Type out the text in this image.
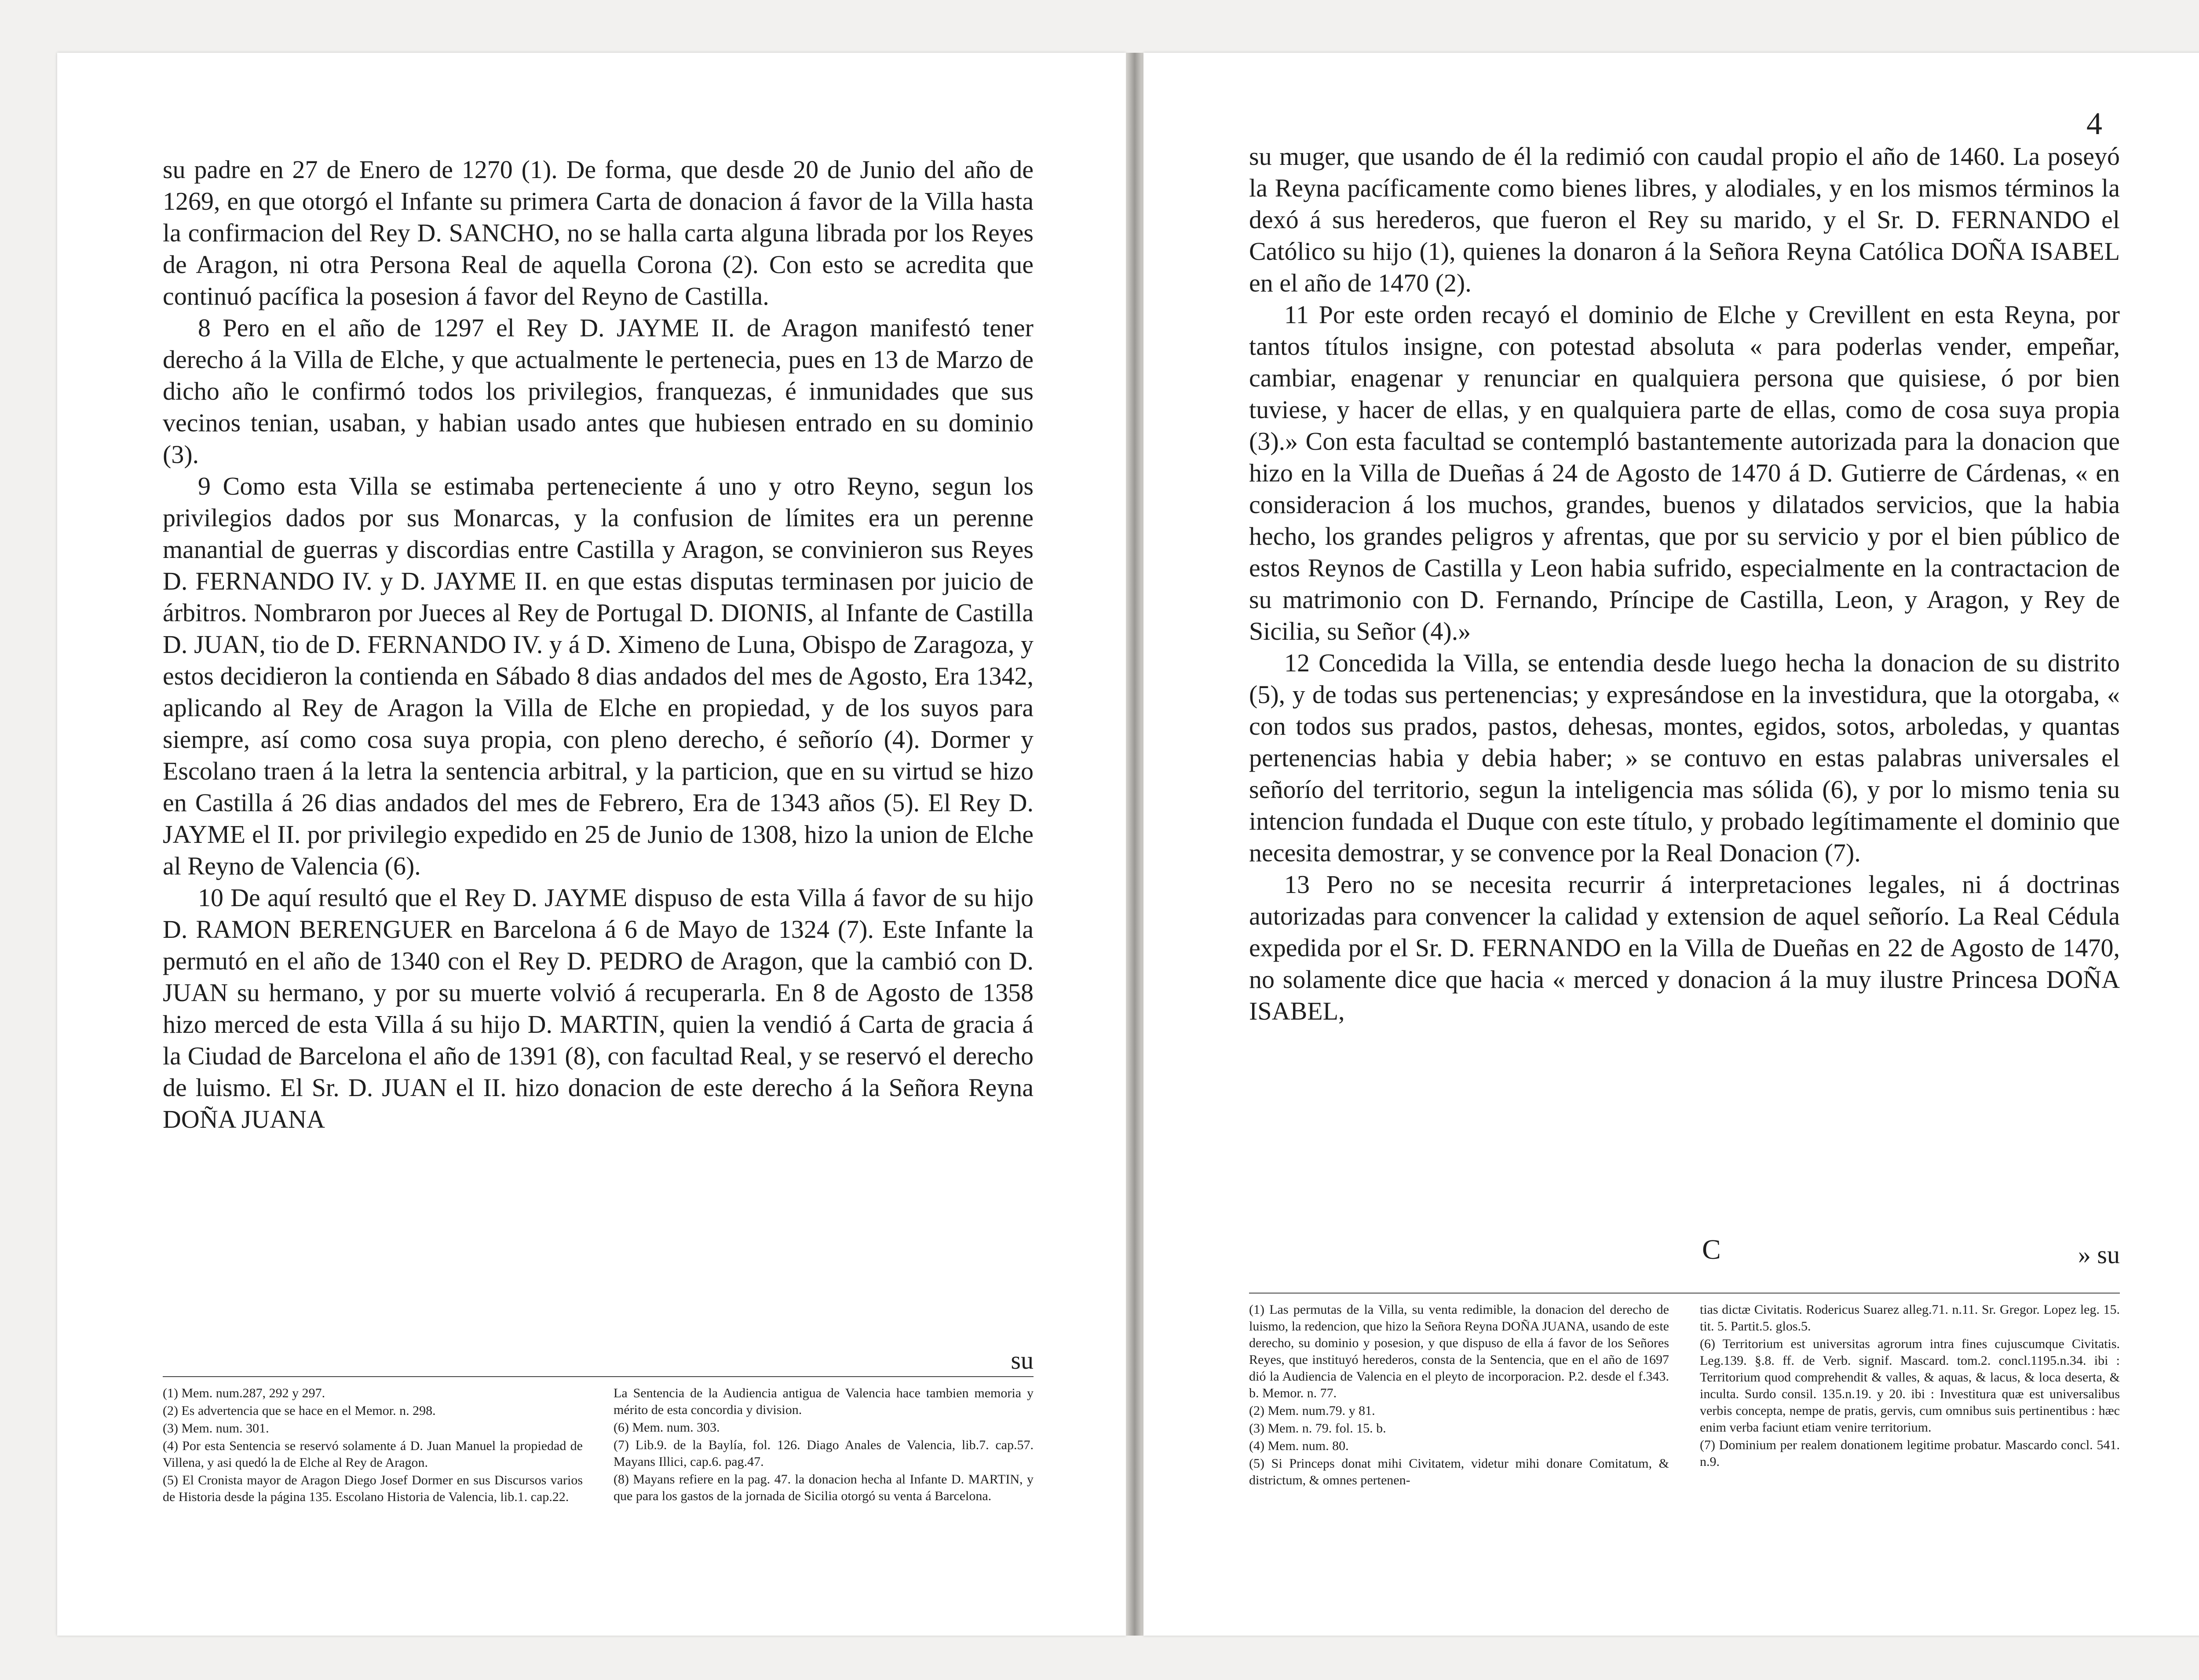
su padre en 27 de Enero de 1270 (1). De forma, que desde 20 de Junio del año de 1269, en que otorgó el Infante su primera Carta de donacion á favor de la Villa hasta la confirmacion del Rey D. SANCHO, no se halla carta alguna librada por los Reyes de Aragon, ni otra Persona Real de aquella Corona (2). Con esto se acredita que continuó pacífica la posesion á favor del Reyno de Castilla.

8 Pero en el año de 1297 el Rey D. JAYME II. de Aragon manifestó tener derecho á la Villa de Elche, y que actualmente le pertenecia, pues en 13 de Marzo de dicho año le confirmó todos los privilegios, franquezas, é inmunidades que sus vecinos tenian, usaban, y habian usado antes que hubiesen entrado en su dominio (3).

9 Como esta Villa se estimaba perteneciente á uno y otro Reyno, segun los privilegios dados por sus Monarcas, y la confusion de límites era un perenne manantial de guerras y discordias entre Castilla y Aragon, se convinieron sus Reyes D. FERNANDO IV. y D. JAYME II. en que estas disputas terminasen por juicio de árbitros. Nombraron por Jueces al Rey de Portugal D. DIONIS, al Infante de Castilla D. JUAN, tio de D. FERNANDO IV. y á D. Ximeno de Luna, Obispo de Zaragoza, y estos decidieron la contienda en Sábado 8 dias andados del mes de Agosto, Era 1342, aplicando al Rey de Aragon la Villa de Elche en propiedad, y de los suyos para siempre, así como cosa suya propia, con pleno derecho, é señorío (4). Dormer y Escolano traen á la letra la sentencia arbitral, y la particion, que en su virtud se hizo en Castilla á 26 dias andados del mes de Febrero, Era de 1343 años (5). El Rey D. JAYME el II. por privilegio expedido en 25 de Junio de 1308, hizo la union de Elche al Reyno de Valencia (6).

10 De aquí resultó que el Rey D. JAYME dispuso de esta Villa á favor de su hijo D. RAMON BERENGUER en Barcelona á 6 de Mayo de 1324 (7). Este Infante la permutó en el año de 1340 con el Rey D. PEDRO de Aragon, que la cambió con D. JUAN su hermano, y por su muerte volvió á recuperarla. En 8 de Agosto de 1358 hizo merced de esta Villa á su hijo D. MARTIN, quien la vendió á Carta de gracia á la Ciudad de Barcelona el año de 1391 (8), con facultad Real, y se reservó el derecho de luismo. El Sr. D. JUAN el II. hizo donacion de este derecho á la Señora Reyna DOÑA JUANA

su

(1) Mem. num.287, 292 y 297.

(2) Es advertencia que se hace en el Memor. n. 298.

(3) Mem. num. 301.

(4) Por esta Sentencia se reservó solamente á D. Juan Manuel la propiedad de Villena, y asi quedó la de Elche al Rey de Aragon.

(5) El Cronista mayor de Aragon Diego Josef Dormer en sus Discursos varios de Historia desde la página 135. Escolano Historia de Valencia, lib.1. cap.22.

La Sentencia de la Audiencia antigua de Valencia hace tambien memoria y mérito de esta concordia y division.

(6) Mem. num. 303.

(7) Lib.9. de la Baylía, fol. 126. Diago Anales de Valencia, lib.7. cap.57. Mayans Illici, cap.6. pag.47.

(8) Mayans refiere en la pag. 47. la donacion hecha al Infante D. MARTIN, y que para los gastos de la jornada de Sicilia otorgó su venta á Barcelona.

4

su muger, que usando de él la redimió con caudal propio el año de 1460. La poseyó la Reyna pacíficamente como bienes libres, y alodiales, y en los mismos términos la dexó á sus herederos, que fueron el Rey su marido, y el Sr. D. FERNANDO el Católico su hijo (1), quienes la donaron á la Señora Reyna Católica DOÑA ISABEL en el año de 1470 (2).

11 Por este orden recayó el dominio de Elche y Crevillent en esta Reyna, por tantos títulos insigne, con potestad absoluta « para poderlas vender, empeñar, cambiar, enagenar y renunciar en qualquiera persona que quisiese, ó por bien tuviese, y hacer de ellas, y en qualquiera parte de ellas, como de cosa suya propia (3).» Con esta facultad se contempló bastantemente autorizada para la donacion que hizo en la Villa de Dueñas á 24 de Agosto de 1470 á D. Gutierre de Cárdenas, « en consideracion á los muchos, grandes, buenos y dilatados servicios, que la habia hecho, los grandes peligros y afrentas, que por su servicio y por el bien público de estos Reynos de Castilla y Leon habia sufrido, especialmente en la contractacion de su matrimonio con D. Fernando, Príncipe de Castilla, Leon, y Aragon, y Rey de Sicilia, su Señor (4).»

12 Concedida la Villa, se entendia desde luego hecha la donacion de su distrito (5), y de todas sus pertenencias; y expresándose en la investidura, que la otorgaba, « con todos sus prados, pastos, dehesas, montes, egidos, sotos, arboledas, y quantas pertenencias habia y debia haber; » se contuvo en estas palabras universales el señorío del territorio, segun la inteligencia mas sólida (6), y por lo mismo tenia su intencion fundada el Duque con este título, y probado legítimamente el dominio que necesita demostrar, y se convence por la Real Donacion (7).

13 Pero no se necesita recurrir á interpretaciones legales, ni á doctrinas autorizadas para convencer la calidad y extension de aquel señorío. La Real Cédula expedida por el Sr. D. FERNANDO en la Villa de Dueñas en 22 de Agosto de 1470, no solamente dice que hacia « merced y donacion á la muy ilustre Princesa DOÑA ISABEL,

C	» su

(1) Las permutas de la Villa, su venta redimible, la donacion del derecho de luismo, la redencion, que hizo la Señora Reyna DOÑA JUANA, usando de este derecho, su dominio y posesion, y que dispuso de ella á favor de los Señores Reyes, que instituyó herederos, consta de la Sentencia, que en el año de 1697 dió la Audiencia de Valencia en el pleyto de incorporacion. P.2. desde el f.343. b. Memor. n. 77.

(2) Mem. num.79. y 81.

(3) Mem. n. 79. fol. 15. b.

(4) Mem. num. 80.

(5) Si Princeps donat mihi Civitatem, videtur mihi donare Comitatum, & districtum, & omnes pertenen-

tias dictæ Civitatis. Rodericus Suarez alleg.71. n.11. Sr. Gregor. Lopez leg. 15. tit. 5. Partit.5. glos.5.

(6) Territorium est universitas agrorum intra fines cujuscumque Civitatis. Leg.139. §.8. ff. de Verb. signif. Mascard. tom.2. concl.1195.n.34. ibi : Territorium quod comprehendit & valles, & aquas, & lacus, & loca deserta, & inculta. Surdo consil. 135.n.19. y 20. ibi : Investitura quæ est universalibus verbis concepta, nempe de pratis, gervis, cum omnibus suis pertinentibus : hæc enim verba faciunt etiam venire territorium.

(7) Dominium per realem donationem legitime probatur. Mascardo concl. 541. n.9.
